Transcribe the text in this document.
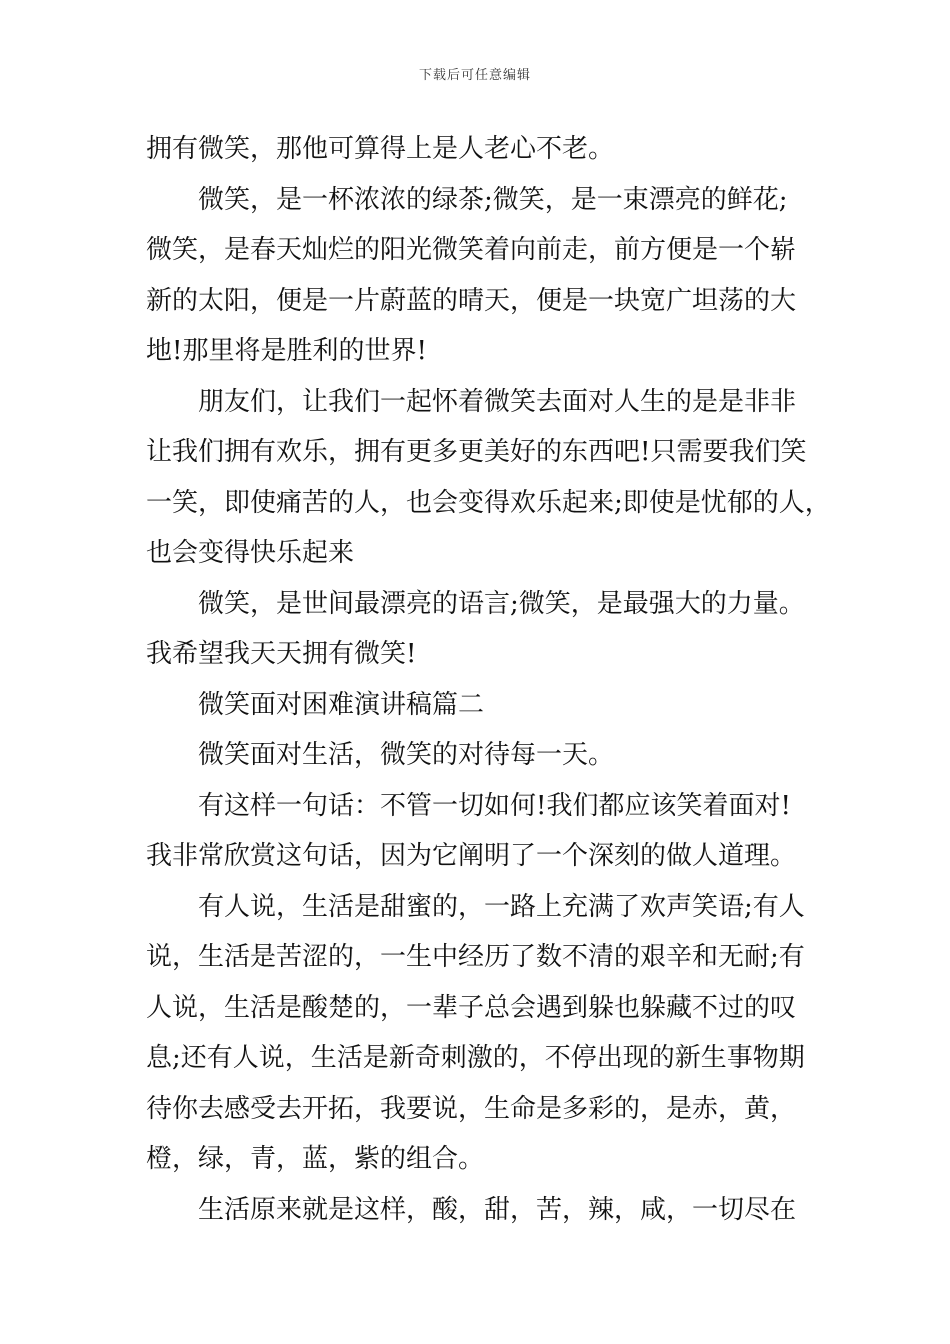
下载后可任意编辑
拥有微笑，那他可算得上是人老心不老。
微笑，是一杯浓浓的绿茶;微笑，是一束漂亮的鲜花;
微笑，是春天灿烂的阳光微笑着向前走，前方便是一个崭
新的太阳，便是一片蔚蓝的晴天，便是一块宽广坦荡的大
地!那里将是胜利的世界!
朋友们，让我们一起怀着微笑去面对人生的是是非非
让我们拥有欢乐，拥有更多更美好的东西吧!只需要我们笑
一笑，即使痛苦的人，也会变得欢乐起来;即使是忧郁的人，
也会变得快乐起来
微笑，是世间最漂亮的语言;微笑，是最强大的力量。
我希望我天天拥有微笑!
微笑面对困难演讲稿篇二
微笑面对生活，微笑的对待每一天。
有这样一句话：不管一切如何!我们都应该笑着面对!
我非常欣赏这句话，因为它阐明了一个深刻的做人道理。
有人说，生活是甜蜜的，一路上充满了欢声笑语;有人
说，生活是苦涩的，一生中经历了数不清的艰辛和无耐;有
人说，生活是酸楚的，一辈子总会遇到躲也躲藏不过的叹
息;还有人说，生活是新奇刺激的，不停出现的新生事物期
待你去感受去开拓，我要说，生命是多彩的，是赤，黄，
橙，绿，青，蓝，紫的组合。
生活原来就是这样，酸，甜，苦，辣，咸，一切尽在
